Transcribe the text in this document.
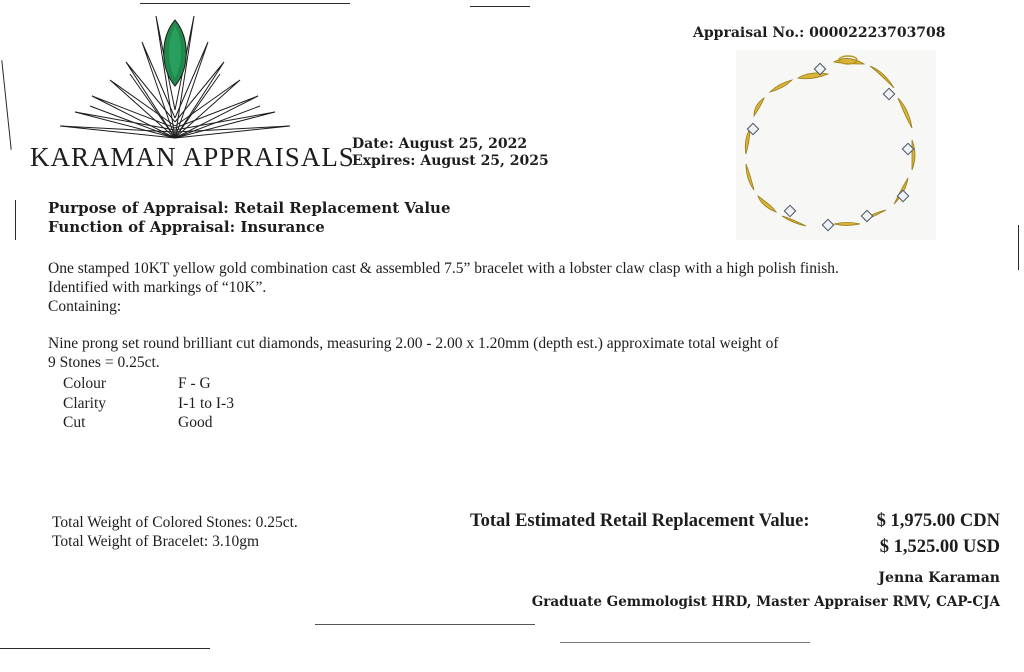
KARAMAN APPRAISALS
Date: August 25, 2022
Expires: August 25, 2025
Appraisal No.: 00002223703708
Purpose of Appraisal: Retail Replacement Value
Function of Appraisal: Insurance
One stamped 10KT yellow gold combination cast & assembled 7.5” bracelet with a lobster claw clasp with a high polish finish.
Identified with markings of “10K”.
Containing:
Nine prong set round brilliant cut diamonds, measuring 2.00 - 2.00 x 1.20mm (depth est.) approximate total weight of
9 Stones = 0.25ct.
Colour	F - G
Clarity	I-1 to I-3
Cut	Good
Total Weight of Colored Stones: 0.25ct.
Total Weight of Bracelet: 3.10gm
Total Estimated Retail Replacement Value:	$ 1,975.00 CDN
$ 1,525.00 USD
Jenna Karaman
Graduate Gemmologist HRD, Master Appraiser RMV, CAP-CJA
